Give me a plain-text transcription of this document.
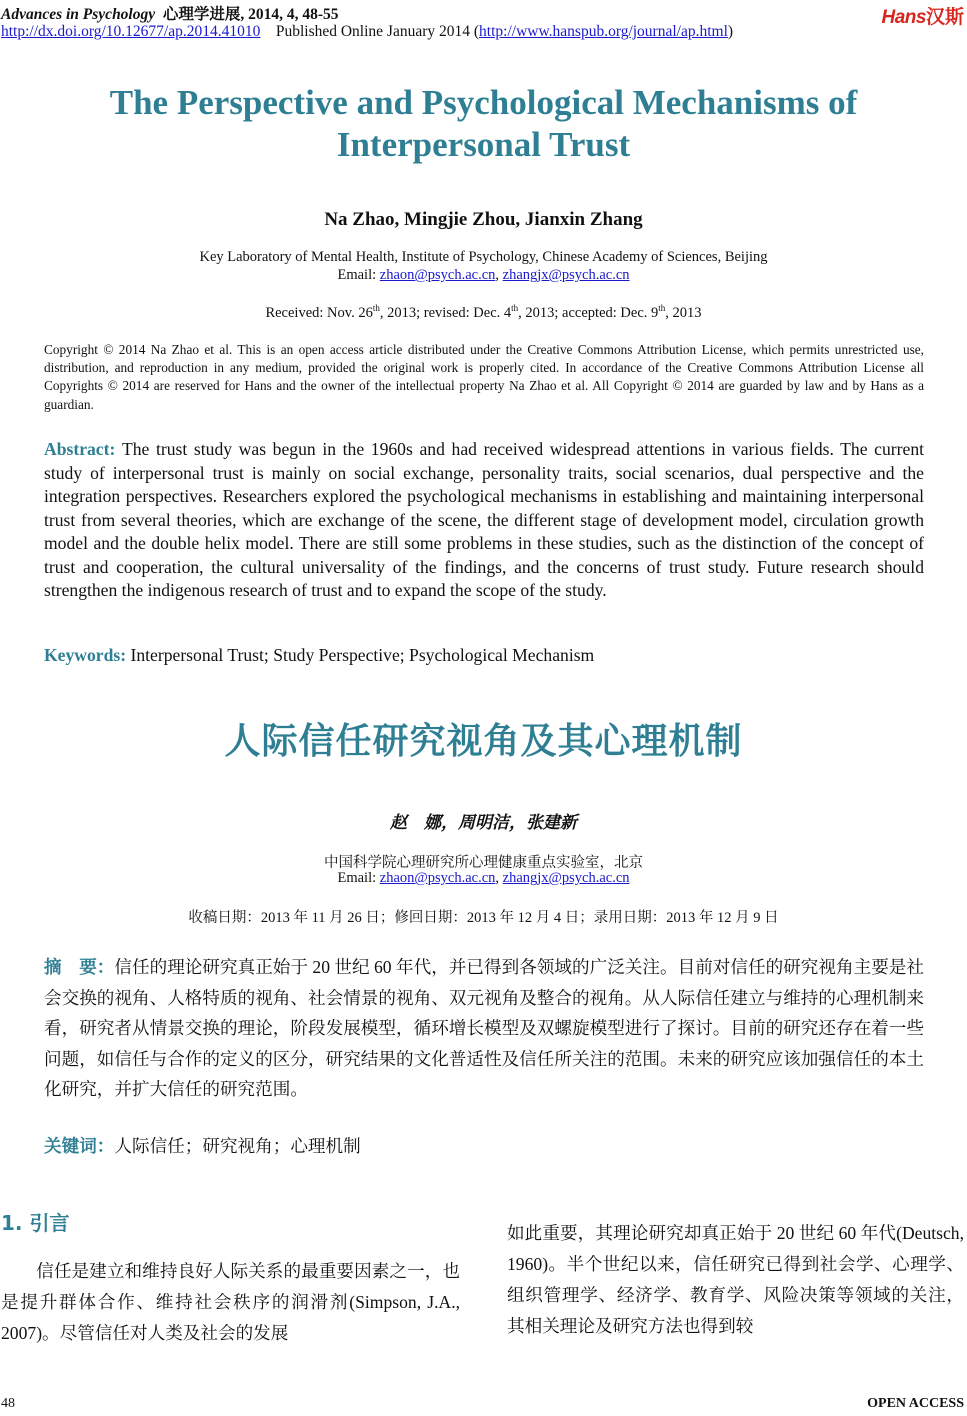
Advances in Psychology 心理学进展, 2014, 4, 48-55
http://dx.doi.org/10.12677/ap.2014.41010 Published Online January 2014 (http://www.hanspub.org/journal/ap.html)
Hans汉斯
The Perspective and Psychological Mechanisms of
Interpersonal Trust
Na Zhao, Mingjie Zhou, Jianxin Zhang
Key Laboratory of Mental Health, Institute of Psychology, Chinese Academy of Sciences, Beijing
Email: zhaon@psych.ac.cn, zhangjx@psych.ac.cn
Received: Nov. 26th, 2013; revised: Dec. 4th, 2013; accepted: Dec. 9th, 2013
Copyright © 2014 Na Zhao et al. This is an open access article distributed under the Creative Commons Attribution License, which permits unrestricted use, distribution, and reproduction in any medium, provided the original work is properly cited. In accordance of the Creative Commons Attribution License all Copyrights © 2014 are reserved for Hans and the owner of the intellectual property Na Zhao et al. All Copyright © 2014 are guarded by law and by Hans as a guardian.
Abstract: The trust study was begun in the 1960s and had received widespread attentions in various fields. The current study of interpersonal trust is mainly on social exchange, personality traits, social scenarios, dual perspective and the integration perspectives. Researchers explored the psychological mechanisms in establishing and maintaining interpersonal trust from several theories, which are exchange of the scene, the different stage of development model, circulation growth model and the double helix model. There are still some problems in these studies, such as the distinction of the concept of trust and cooperation, the cultural universality of the findings, and the concerns of trust study. Future research should strengthen the indigenous research of trust and to expand the scope of the study.
Keywords: Interpersonal Trust; Study Perspective; Psychological Mechanism
人际信任研究视角及其心理机制
赵　娜，周明洁，张建新
中国科学院心理研究所心理健康重点实验室，北京
Email: zhaon@psych.ac.cn, zhangjx@psych.ac.cn
收稿日期：2013 年 11 月 26 日；修回日期：2013 年 12 月 4 日；录用日期：2013 年 12 月 9 日
摘　要：信任的理论研究真正始于 20 世纪 60 年代，并已得到各领域的广泛关注。目前对信任的研究视角主要是社会交换的视角、人格特质的视角、社会情景的视角、双元视角及整合的视角。从人际信任建立与维持的心理机制来看，研究者从情景交换的理论，阶段发展模型，循环增长模型及双螺旋模型进行了探讨。目前的研究还存在着一些问题，如信任与合作的定义的区分，研究结果的文化普适性及信任所关注的范围。未来的研究应该加强信任的本土化研究，并扩大信任的研究范围。
关键词：人际信任；研究视角；心理机制
1. 引言
信任是建立和维持良好人际关系的最重要因素之一，也是提升群体合作、维持社会秩序的润滑剂(Simpson, J.A., 2007)。尽管信任对人类及社会的发展
如此重要，其理论研究却真正始于 20 世纪 60 年代(Deutsch, 1960)。半个世纪以来，信任研究已得到社会学、心理学、组织管理学、经济学、教育学、风险决策等领域的关注，其相关理论及研究方法也得到较
48	OPEN ACCESS
